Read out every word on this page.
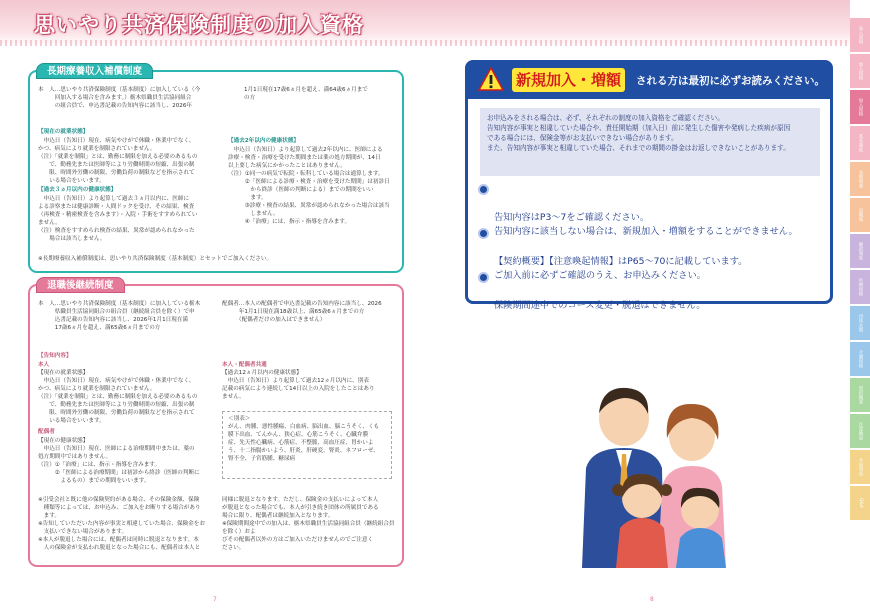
思いやり共済保険制度の加入資格
長期療養収入補償制度
本　人…思いやり共済保険制度（基本制度）に加入している（今
　　　回加入する場合を含みます。）栃木県職員生活協同組合
　　　の組合員で、申込書記載の告知内容に該当し、2026年
1月1日現在17歳6ヵ月を超え、満64歳6ヵ月まで
の方
【現在の就業状態】
　申込日（告知日）現在、病気やけがで休職・休業中でなく、
かつ、病気により就業を制限されていません。
（注）「就業を制限」とは、勤務に制限を加える必要のあるもの
　　で、勤務先または医師等により労働時間の短縮、出張の制
　　限、時間外労働の制限、労働負荷の制限などを指示されて
　　いる場合をいいます。
【過去３ヵ月以内の健康状態】
　申込日（告知日）より起算して過去３ヵ月以内に、医師に
よる診察または健康診断・人間ドックを受け、その結果、検査
（再検査・精密検査を含みます）・入院・手術をすすめられてい
ません。
（注）検査をすすめられ検査の結果、異常が認められなかった
　　場合は該当しません。
【過去2年以内の健康状態】
　申込日（告知日）より起算して過去2年以内に、医師による
診療・検査・治療を受けた期間または薬の処方期間が、14日
以上要した病気にかかったことはありません。
（注）①同一の病気で転院・転科している場合は通算します。
　　　②「医師による診療・検査・治療を受けた期間」は初診日
　　　　から終診（医師の判断による）までの期間をいい
　　　　ます。
　　　③診療・検査の結果、異常が認められなかった場合は該当
　　　　しません。
　　　④「治療」には、指示・指導を含みます。
※長期療養収入補償制度は、思いやり共済保険制度（基本制度）とセットでご加入ください。
退職後継続制度
本　人…思いやり共済保険制度（基本制度）に加入している栃木
　　　県職員生活協同組合の組合員（継続組合員を除く）で申
　　　込書記載の告知内容に該当し、2026年1月1日現在満
　　　17歳6ヵ月を超え、満65歳6ヵ月までの方
配偶者…本人の配偶者で申込書記載の告知内容に該当し、2026
　　　年1月1日現在満18歳以上、満65歳6ヵ月までの方
　　　（配偶者だけの加入はできません）
【告知内容】
本人
【現在の就業状態】
　申込日（告知日）現在、病気やけがで休職・休業中でなく、
かつ、病気により就業を制限されていません。
（注）「就業を制限」とは、勤務に制限を加える必要のあるもの
　　で、勤務先または医師等により労働時間の短縮、出張の制
　　限、時間外労働の制限、労働負荷の制限などを指示されて
　　いる場合をいいます。
配偶者
【現在の健康状態】
　申込日（告知日）現在、医師による治療期間中または、薬の
処方期間中ではありません。
（注）①「治療」には、指示・指導を含みます。
　　　②「医師による治療期間」は初診から終診（医師の判断に
　　　　よるもの）までの期間をいいます。
本人・配偶者共通
【過去12ヵ月以内の健康状態】
　申込日（告知日）より起算して過去12ヵ月以内に、別表
記載の病気により連続して14日以上の入院をしたことはあり
ません。
＜別表＞
がん、肉腫、悪性腫瘍、白血病、脳出血、脳こうそく、くも
膜下出血、てんかん、狭心症、心筋こうそく、心臓弁膜
症、先天性心臓病、心筋症、不整脈、高血圧症、胃かいよ
う、十二指腸かいよう、肝炎、肝硬変、腎炎、ネフローゼ、
腎不全、子宮筋腫、糖尿病
※引受会社と既に他の保険契約がある場合、その保険金額、保険
　種類等によっては、お申込み、ご加入をお断りする場合があり
　ます。
※告知していただいた内容が事実と相違していた場合、保険金をお
　支払いできない場合があります。
※本人が脱退した場合には、配偶者は同時に脱退となります。本
　人の保険金が支払われ脱退となった場合にも、配偶者は本人と
同様に脱退となります。ただし、保険金の支払いによって本人
が脱退となった場合でも、本人が引き続き団体の所属員である
場合に限り、配偶者は継続加入となります。
※保険期間途中での加入は、栃木県職員生活協同組合員（継続組合員を除く）およ
びその配偶者以外の方はご加入いただけませんのでご注意く
ださい。
新規加入・増額	される方は最初に必ずお読みください。
お申込みをされる場合は、必ず、それぞれの制度の加入資格をご確認ください。
告知内容が事実と相違していた場合や、責任開始期（加入日）前に発生した傷害や発病した疾病が原因
である場合には、保険金等がお支払いできない場合があります。
また、告知内容が事実と相違していた場合、それまでの期間の掛金はお返しできないことがあります。

告知内容はP3～7をご確認ください。
告知内容に該当しない場合は、新規加入・増額をすることができません。

【契約概要】【注意喚起情報】はP65～70に記載しています。
ご加入前に必ずご確認のうえ、お申込みください。

保険期間途中でのコース変更・脱退はできません。

加入資格
加入資格
加入資格
基本制度
長期療養
退職後
継続制度
医療保険
団体長期
介護保険
契約概要
注意喚起
共通事項
Q&A
7	8
